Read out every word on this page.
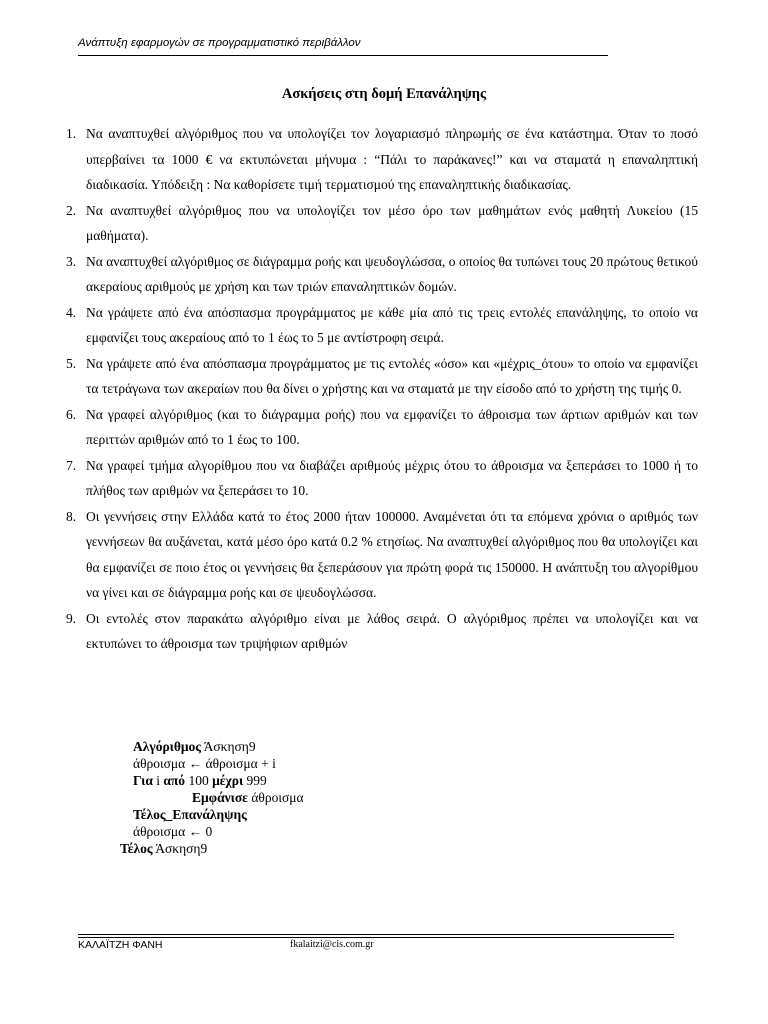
Ανάπτυξη εφαρμογών σε προγραμματιστικό περιβάλλον
Ασκήσεις στη δομή Επανάληψης
1. Να αναπτυχθεί αλγόριθμος που να υπολογίζει τον λογαριασμό πληρωμής σε ένα κατάστημα. Όταν το ποσό υπερβαίνει τα 1000 € να εκτυπώνεται μήνυμα : “Πάλι το παράκανες!” και να σταματά η επαναληπτική διαδικασία. Υπόδειξη : Να καθορίσετε τιμή τερματισμού της επαναληπτικής διαδικασίας.
2. Να αναπτυχθεί αλγόριθμος που να υπολογίζει τον μέσο όρο των μαθημάτων ενός μαθητή Λυκείου (15 μαθήματα).
3. Να αναπτυχθεί αλγόριθμος σε διάγραμμα ροής και ψευδογλώσσα, ο οποίος θα τυπώνει τους 20 πρώτους θετικού ακεραίους αριθμούς με χρήση και των τριών επαναληπτικών δομών.
4. Να γράψετε από ένα απόσπασμα προγράμματος με κάθε μία από τις τρεις εντολές επανάληψης, το οποίο να εμφανίζει τους ακεραίους από το 1 έως το 5 με αντίστροφη σειρά.
5. Να γράψετε από ένα απόσπασμα προγράμματος με τις εντολές «όσο» και «μέχρις_ότου» το οποίο να εμφανίζει τα τετράγωνα των ακεραίων που θα δίνει ο χρήστης και να σταματά με την είσοδο από το χρήστη της τιμής 0.
6. Να γραφεί αλγόριθμος (και το διάγραμμα ροής) που να εμφανίζει το άθροισμα των άρτιων αριθμών και των περιττών αριθμών από το 1 έως το 100.
7. Να γραφεί τμήμα αλγορίθμου που να διαβάζει αριθμούς μέχρις ότου το άθροισμα να ξεπεράσει το 1000 ή το πλήθος των αριθμών να ξεπεράσει το 10.
8. Οι γεννήσεις στην Ελλάδα κατά το έτος 2000 ήταν 100000. Αναμένεται ότι τα επόμενα χρόνια ο αριθμός των γεννήσεων θα αυξάνεται, κατά μέσο όρο κατά 0.2 % ετησίως. Να αναπτυχθεί αλγόριθμος που θα υπολογίζει και θα εμφανίζει σε ποιο έτος οι γεννήσεις θα ξεπεράσουν για πρώτη φορά τις 150000. Η ανάπτυξη του αλγορίθμου να γίνει και σε διάγραμμα ροής και σε ψευδογλώσσα.
9. Οι εντολές στον παρακάτω αλγόριθμο είναι με λάθος σειρά. Ο αλγόριθμος πρέπει να υπολογίζει και να εκτυπώνει το άθροισμα των τριψήφιων αριθμών
Αλγόριθμος Άσκηση9
άθροισμα ← άθροισμα + i
Για i από 100 μέχρι 999
Εμφάνισε άθροισμα
Τέλος_Επανάληψης
άθροισμα ← 0
Τέλος Άσκηση9
ΚΑΛΑΪΤΖΗ ΦΑΝΗ	fkalaitzi@cis.com.gr
